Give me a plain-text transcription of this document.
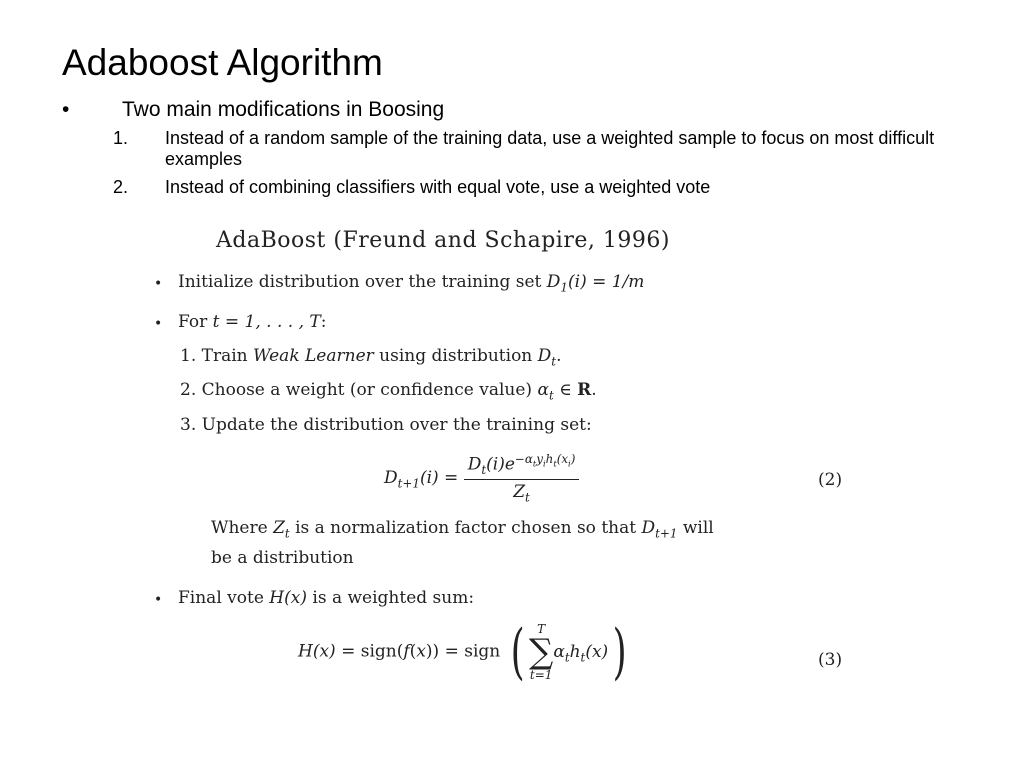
Adaboost Algorithm
•	Two main modifications in Boosing
1. Instead of a random sample of the training data, use a weighted sample to focus on most difficult examples
2. Instead of combining classifiers with equal vote, use a weighted vote
AdaBoost (Freund and Schapire, 1996)
• Initialize distribution over the training set $D_1(i) = 1/m$
• For t = 1, . . . , T:
1. Train Weak Learner using distribution $D_t$.
2. Choose a weight (or confidence value) $\alpha_t$ ∈ R.
3. Update the distribution over the training set:
$D_{t+1}(i) = \frac{D_t(i)e^{-\alpha_ty_ih_t(x_i)}}{Z_t}$	(2)
Where $Z_t$ is a normalization factor chosen so that $D_{t+1}$ will
be a distribution
• Final vote H(x) is a weighted sum:
H(x) = sign(f(x)) = sign (	T
∑
t=1
$\alpha_th_t(x)$)	(3)
